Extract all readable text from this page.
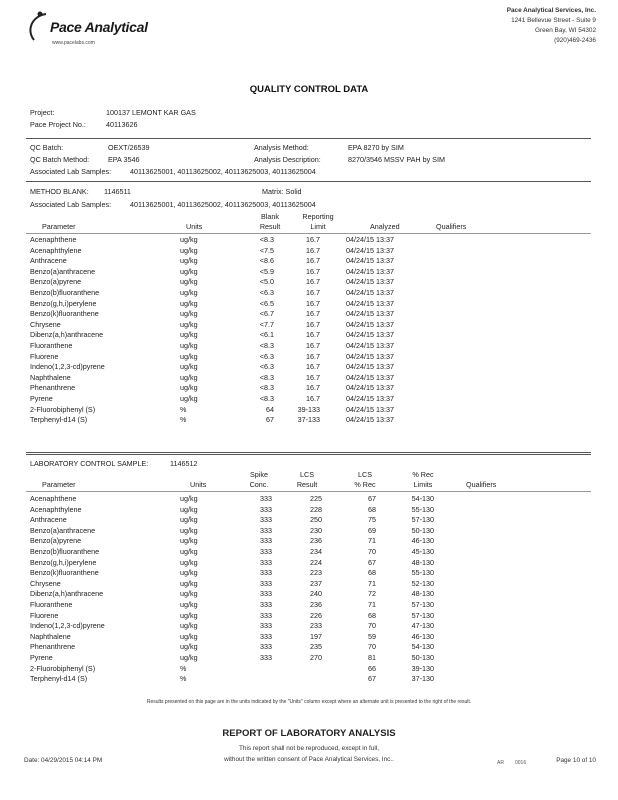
Pace Analytical
www.pacelabs.com
Pace Analytical Services, Inc.
1241 Bellevue Street - Suite 9
Green Bay, WI 54302
(920)469-2436
QUALITY CONTROL DATA
Project:	100137 LEMONT KAR GAS
Pace Project No.:	40113626
QC Batch:	OEXT/26539	Analysis Method:	EPA 8270 by SIM
QC Batch Method:	EPA 3546	Analysis Description:	8270/3546 MSSV PAH by SIM
Associated Lab Samples:	40113625001, 40113625002, 40113625003, 40113625004
METHOD BLANK: 1146511	Matrix: Solid
Associated Lab Samples:	40113625001, 40113625002, 40113625003, 40113625004
Parameter	Units
Blank
Result
Reporting
Limit	Analyzed	Qualifiers
Acenaphthene	ug/kg	<8.3	16.7	04/24/15 13:37	
Acenaphthylene	ug/kg	<7.5	16.7	04/24/15 13:37	
Anthracene	ug/kg	<8.6	16.7	04/24/15 13:37	
Benzo(a)anthracene	ug/kg	<5.9	16.7	04/24/15 13:37	
Benzo(a)pyrene	ug/kg	<5.0	16.7	04/24/15 13:37	
Benzo(b)fluoranthene	ug/kg	<6.3	16.7	04/24/15 13:37	
Benzo(g,h,i)perylene	ug/kg	<6.5	16.7	04/24/15 13:37	
Benzo(k)fluoranthene	ug/kg	<6.7	16.7	04/24/15 13:37	
Chrysene	ug/kg	<7.7	16.7	04/24/15 13:37	
Dibenz(a,h)anthracene	ug/kg	<6.1	16.7	04/24/15 13:37	
Fluoranthene	ug/kg	<8.3	16.7	04/24/15 13:37	
Fluorene	ug/kg	<6.3	16.7	04/24/15 13:37	
Indeno(1,2,3-cd)pyrene	ug/kg	<6.3	16.7	04/24/15 13:37	
Naphthalene	ug/kg	<8.3	16.7	04/24/15 13:37	
Phenanthrene	ug/kg	<8.3	16.7	04/24/15 13:37	
Pyrene	ug/kg	<8.3	16.7	04/24/15 13:37	
2-Fluorobiphenyl (S)	%	64	39-133	04/24/15 13:37	
Terphenyl-d14 (S)	%	67	37-133	04/24/15 13:37	
LABORATORY CONTROL SAMPLE:	1146512
Parameter	Units
Spike
Conc.
LCS
Result
LCS
% Rec
% Rec
Limits	Qualifiers
Acenaphthene	ug/kg	333	225	67	54-130	
Acenaphthylene	ug/kg	333	228	68	55-130	
Anthracene	ug/kg	333	250	75	57-130	
Benzo(a)anthracene	ug/kg	333	230	69	50-130	
Benzo(a)pyrene	ug/kg	333	236	71	46-130	
Benzo(b)fluoranthene	ug/kg	333	234	70	45-130	
Benzo(g,h,i)perylene	ug/kg	333	224	67	48-130	
Benzo(k)fluoranthene	ug/kg	333	223	68	55-130	
Chrysene	ug/kg	333	237	71	52-130	
Dibenz(a,h)anthracene	ug/kg	333	240	72	48-130	
Fluoranthene	ug/kg	333	236	71	57-130	
Fluorene	ug/kg	333	226	68	57-130	
Indeno(1,2,3-cd)pyrene	ug/kg	333	233	70	47-130	
Naphthalene	ug/kg	333	197	59	46-130	
Phenanthrene	ug/kg	333	235	70	54-130	
Pyrene	ug/kg	333	270	81	50-130	
2-Fluorobiphenyl (S)	%			66	39-130	
Terphenyl-d14 (S)	%			67	37-130	
Results presented on this page are in the units indicated by the "Units" column except where an alternate unit is presented to the right of the result.
REPORT OF LABORATORY ANALYSIS
This report shall not be reproduced, except in full,
without the written consent of Pace Analytical Services, Inc..
Date: 04/29/2015 04:14 PM	AR 0016	Page 10 of 10
